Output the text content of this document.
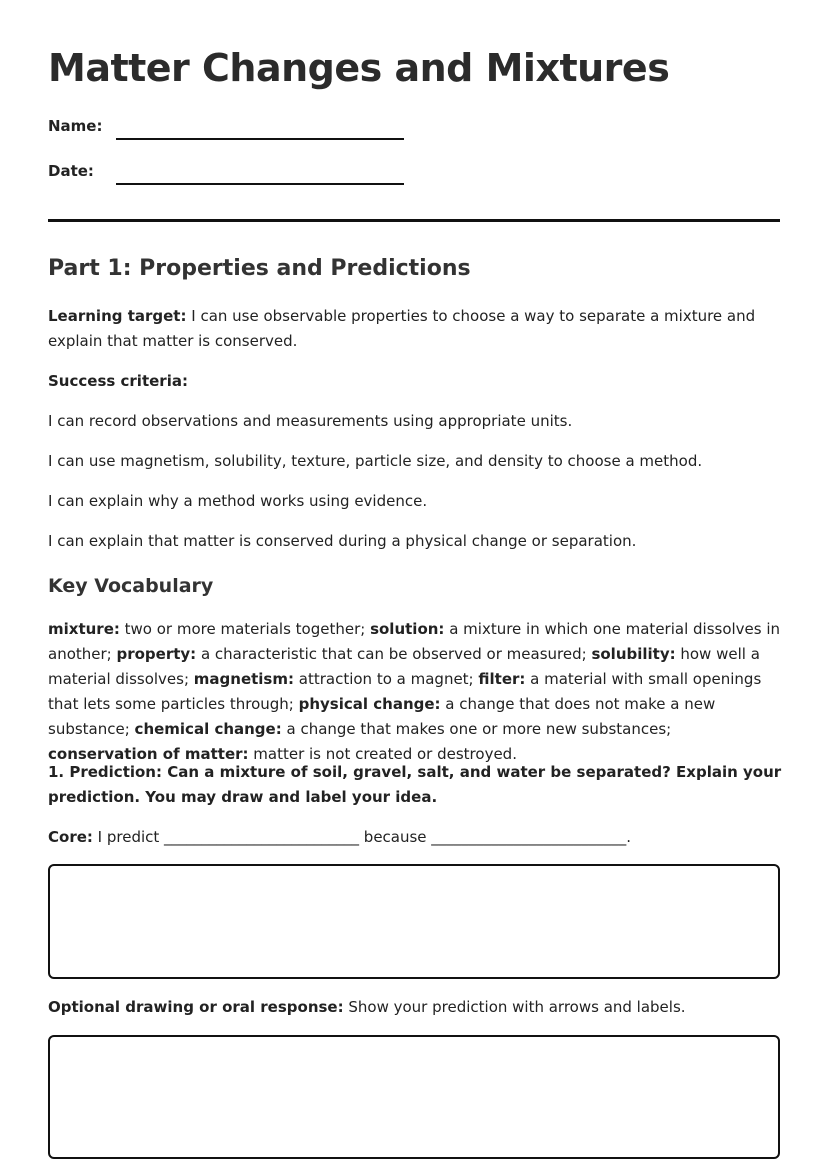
Matter Changes and Mixtures
Name:
Date:
Part 1: Properties and Predictions

Learning target: I can use observable properties to choose a way to separate a mixture and explain that matter is conserved.

Success criteria:

I can record observations and measurements using appropriate units.

I can use magnetism, solubility, texture, particle size, and density to choose a method.

I can explain why a method works using evidence.

I can explain that matter is conserved during a physical change or separation.

Key Vocabulary

mixture: two or more materials together; solution: a mixture in which one material dissolves in another; property: a characteristic that can be observed or measured; solubility: how well a material dissolves; magnetism: attraction to a magnet; filter: a material with small openings that lets some particles through; physical change: a change that does not make a new substance; chemical change: a change that makes one or more new substances; conservation of matter: matter is not created or destroyed.

1. Prediction: Can a mixture of soil, gravel, salt, and water be separated? Explain your prediction. You may draw and label your idea.

Core: I predict __________________________ because __________________________.

Optional drawing or oral response: Show your prediction with arrows and labels.
